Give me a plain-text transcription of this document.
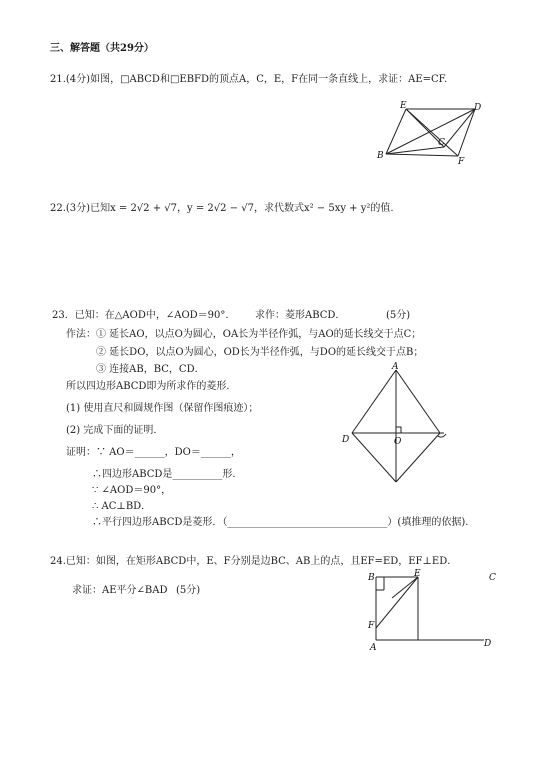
三、解答题（共29分）
21.(4分)如图，□ABCD和□EBFD的顶点A，C，E，F在同一条直线上，求证：AE=CF.
E	D
B
C
F
22.(3分)已知x = 2√2 + √7，y = 2√2 − √7，求代数式x² − 5xy + y²的值.
23．已知：在△AOD中，∠AOD＝90°． 求作：菱形ABCD．	(5分)
作法：① 延长AO，以点O为圆心，OA长为半径作弧，与AO的延长线交于点C；
② 延长DO，以点O为圆心，OD长为半径作弧，与DO的延长线交于点B；
③ 连接AB，BC，CD．
所以四边形ABCD即为所求作的菱形．
(1) 使用直尺和圆规作图（保留作图痕迹）；
(2) 完成下面的证明．
证明：∵ AO＝______，DO＝______，
∴四边形ABCD是__________形．
∵ ∠AOD＝90°，
∴ AC⊥BD．
∴平行四边形ABCD是菱形．（________________________________）(填推理的依据)．
A
D	O
24.已知：如图，在矩形ABCD中，E、F分别是边BC、AB上的点，且EF=ED，EF⊥ED．
求证：AE平分∠BAD (5分)
B	E	C
F
A	D
